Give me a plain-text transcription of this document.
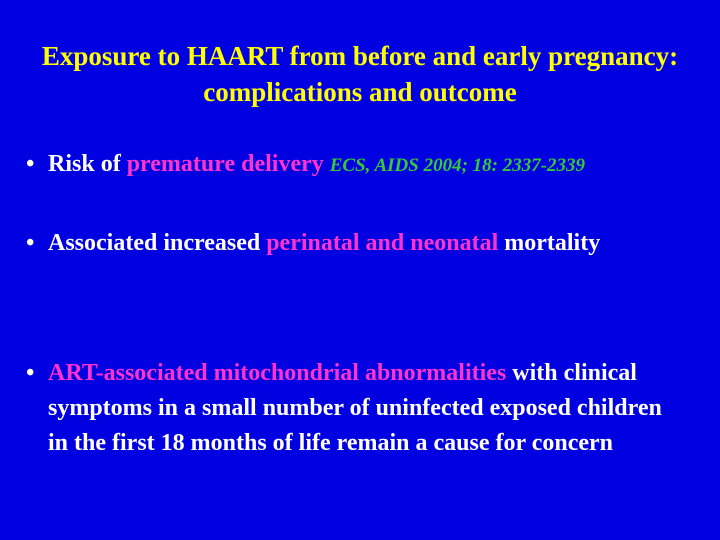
Exposure to HAART from before and early pregnancy: complications and outcome
• Risk of premature delivery ECS, AIDS 2004; 18: 2337-2339
• Associated increased perinatal and neonatal mortality
• ART-associated mitochondrial abnormalities with clinical symptoms in a small number of uninfected exposed children in the first 18 months of life remain a cause for concern
